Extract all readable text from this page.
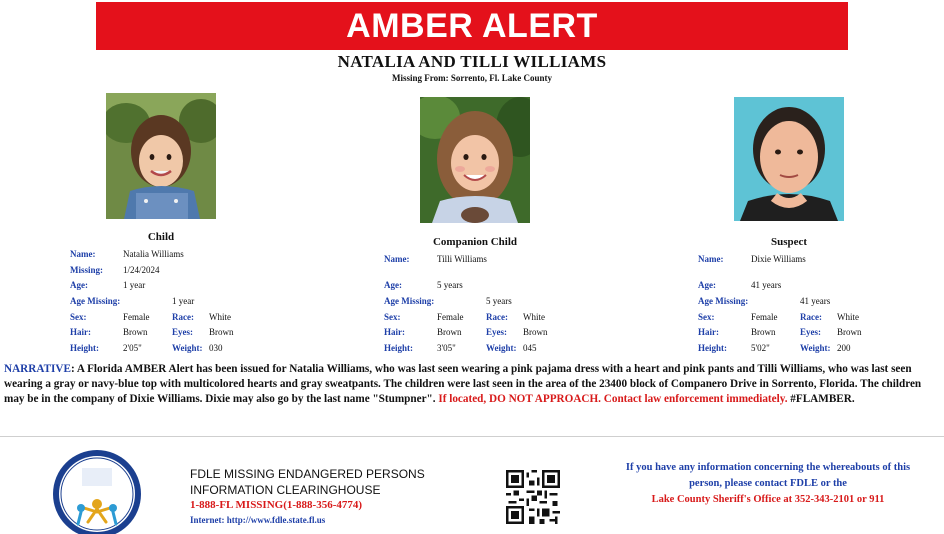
AMBER ALERT
NATALIA AND TILLI WILLIAMS
Missing From: Sorrento, Fl. Lake County
Child	Companion Child	Suspect
Name:	Natalia Williams
Missing: 1/24/2024
Age:	1 year
Age Missing:	1 year
Sex:	Female	Race: White
Hair:	Brown	Eyes: Brown
Height:	2'05"	Weight: 030
Name:	Tilli Williams
Age:	5 years
Age Missing:	5 years
Sex:	Female	Race: White
Hair:	Brown	Eyes: Brown
Height:	3'05"	Weight: 045
Name:	Dixie Williams
Age:	41 years
Age Missing:	41 years
Sex:	Female	Race: White
Hair:	Brown	Eyes: Brown
Height:	5'02"	Weight: 200
NARRATIVE: A Florida AMBER Alert has been issued for Natalia Williams, who was last seen wearing a pink pajama dress with a heart and pink pants and Tilli Williams, who was last seen wearing a gray or navy-blue top with multicolored hearts and gray sweatpants. The children were last seen in the area of the 23400 block of Companero Drive in Sorrento, Florida. The children may be in the company of Dixie Williams. Dixie may also go by the last name "Stumpner". If located, DO NOT APPROACH. Contact law enforcement immediately. #FLAMBER.
FDLE MISSING ENDANGERED PERSONS
INFORMATION CLEARINGHOUSE
1-888-FL MISSING(1-888-356-4774)
Internet: http://www.fdle.state.fl.us
If you have any information concerning the whereabouts of this
person, please contact FDLE or the
Lake County Sheriff's Office at 352-343-2101 or 911
